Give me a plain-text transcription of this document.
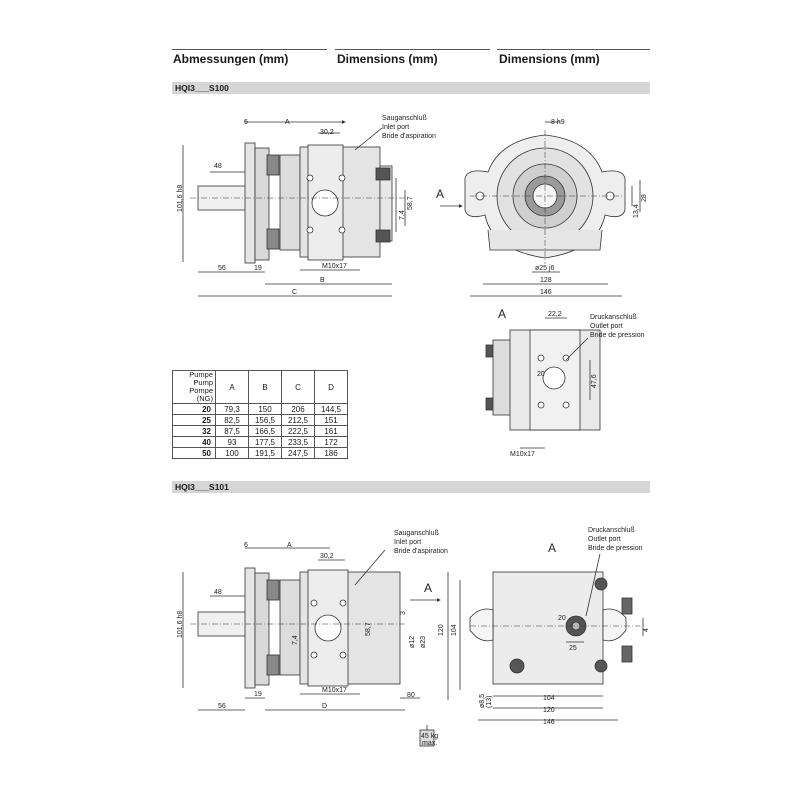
Abmessungen (mm)	Dimensions (mm)	Dimensions (mm)
HQI3___S100
HQI3___S101
6	A
30,2
48
101,6 h8
56	19
B
C
M10x17
7,4
58,7
Sauganschluß
Inlet port
Bride d'aspiration
A
8 h9
ø25 j6
128
146
13,4
28
A	22,2
47,6
M10x17
20
Druckanschluß
Outlet port
Bride de pression
6	A
30,2
48
101,6 h8
56
19
D
M10x17
7,4
58,7
80
3
ø12 ø23
A
45 kg
max.
Sauganschluß
Inlet port
Bride d'aspiration	A
120 104	4
25
ø8,5 (13)	104
120
146
20
Druckanschluß
Outlet port
Bride de pression
Pumpe
Pump
Pompe
(NG)	A	B	C	D
20	79,3	150	206	144,5
25	82,5	156,5	212,5	151
32	87,5	166,5	222,5	161
40	93	177,5	233,5	172
50	100	191,5	247,5	186
